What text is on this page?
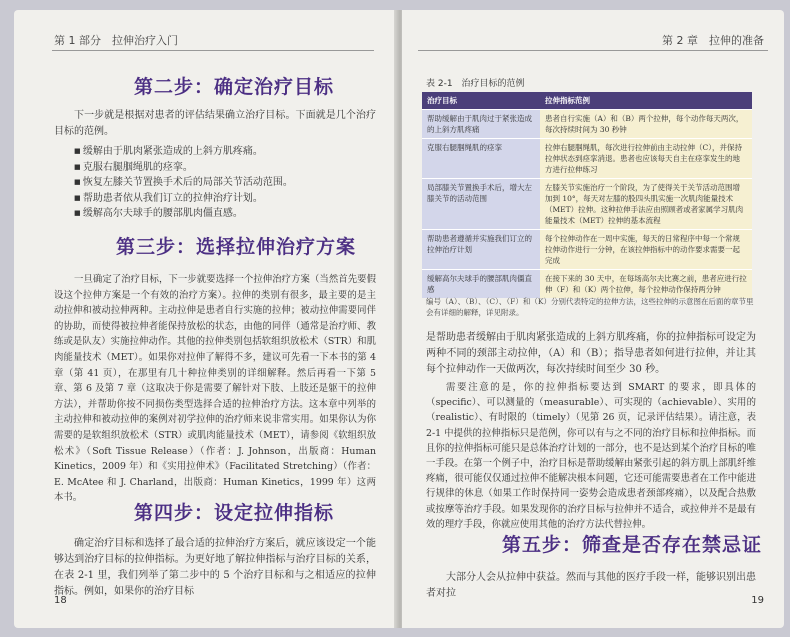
第 1 部分　拉伸治疗入门
第二步：确定治疗目标

下一步就是根据对患者的评估结果确立治疗目标。下面就是几个治疗目标的范例。

■ 缓解由于肌肉紧张造成的上斜方肌疼痛。
■ 克服右腿腘绳肌的痉挛。
■ 恢复左膝关节置换手术后的局部关节活动范围。
■ 帮助患者依从我们订立的拉伸治疗计划。
■ 缓解高尔夫球手的腰部肌肉僵直感。
第三步：选择拉伸治疗方案

一旦确定了治疗目标，下一步就要选择一个拉伸治疗方案（当然首先要假设这个拉伸方案是一个有效的治疗方案）。拉伸的类别有很多，最主要的是主动拉伸和被动拉伸两种。主动拉伸是患者自行实施的拉伸；被动拉伸需要同伴的协助，而使得被拉伸者能保持放松的状态，由他的同伴（通常是治疗师、教练或是队友）实施拉伸动作。其他的拉伸类别包括软组织放松术（STR）和肌肉能量技术（MET）。如果你对拉伸了解得不多，建议可先看一下本书的第 4 章（第 41 页），在那里有几十种拉伸类别的详细解释。然后再看一下第 5 章、第 6 及第 7 章（这取决于你是需要了解针对下肢、上肢还是躯干的拉伸方法），并帮助你按不同损伤类型选择合适的拉伸治疗方法。这本章中列举的主动拉伸和被动拉伸的案例对初学拉伸的治疗师来说非常实用。如果你认为你需要的是软组织放松术（STR）或肌肉能量技术（MET），请参阅《软组织放松术》（Soft Tissue Release）（作者：J. Johnson，出版商：Human Kinetics，2009 年）和《实用拉伸术》（Facilitated Stretching）（作者：E. McAtee 和 J. Charland，出版商：Human Kinetics，1999 年）这两本书。

第四步：设定拉伸指标

确定治疗目标和选择了最合适的拉伸治疗方案后，就应该设定一个能够达到治疗目标的拉伸指标。为更好地了解拉伸指标与治疗目标的关系，在表 2-1 里，我们列举了第二步中的 5 个治疗目标和与之相适应的拉伸指标。例如，如果你的治疗目标

18
第 2 章　拉伸的准备
表 2-1　治疗目标的范例
治疗目标	拉伸指标范例
帮助缓解由于肌肉过于紧张造成的上斜方肌疼痛	患者自行实施（A）和（B）两个拉伸，每个动作每天两次，每次持续时间为 30 秒钟
克服右腿腘绳肌的痉挛	拉伸右腿腘绳肌，每次进行拉伸前由主动拉伸（C），并保持拉伸状态到痉挛消退。患者也应该每天自主在痉挛发生的地方进行拉伸练习
局部膝关节置换手术后，增大左膝关节的活动范围	左膝关节实施治疗一个阶段，为了使得关于关节活动范围增加到 10°，每天对左膝的股四头肌实施一次肌肉能量技术（MET）拉伸。这种拉伸手法应由照顾者或者家属学习肌肉能量技术（MET）拉伸的基本流程
帮助患者遵循并实施我们订立的拉伸治疗计划	每个拉伸动作在一周中实施，每天的日常程序中每一个常规拉伸动作进行一分钟，在该拉伸指标中的动作要求需要一起完成
缓解高尔夫球手的腰部肌肉僵直感	在接下来的 30 天中，在每场高尔夫比赛之前，患者应进行拉伸（F）和（K）两个拉伸，每个拉伸动作保持两分钟
编号（A）、（B）、（C）、（F）和（K）分别代表特定的拉伸方法，这些拉伸的示意图在后面的章节里会有详细的解释，详见附录。

是帮助患者缓解由于肌肉紧张造成的上斜方肌疼痛，你的拉伸指标可设定为两种不同的颈部主动拉伸，（A）和（B）；指导患者如何进行拉伸，并让其每个拉伸动作一天做两次，每次持续时间至少 30 秒。

需要注意的是，你的拉伸指标要达到 SMART 的要求，即具体的（specific）、可以测量的（measurable）、可实现的（achievable）、实用的（realistic）、有时限的（timely）（见第 26 页，记录评估结果）。请注意，表 2-1 中提供的拉伸指标只是范例，你可以有与之不同的治疗目标和拉伸指标。而且你的拉伸指标可能只是总体治疗计划的一部分，也不是达到某个治疗目标的唯一手段。在第一个例子中，治疗目标是帮助缓解由紧张引起的斜方肌上部肌纤维疼痛，很可能仅仅通过拉伸不能解决根本问题，它还可能需要患者在工作中能进行规律的休息（如果工作时保持同一姿势会造成患者颈部疼痛），以及配合热敷或按摩等治疗手段。如果发现你的治疗目标与拉伸并不适合，或拉伸并不是最有效的理疗手段，你就应使用其他的治疗方法代替拉伸。

第五步：筛查是否存在禁忌证

大部分人会从拉伸中获益。然而与其他的医疗手段一样，能够识别出患者对拉

19
